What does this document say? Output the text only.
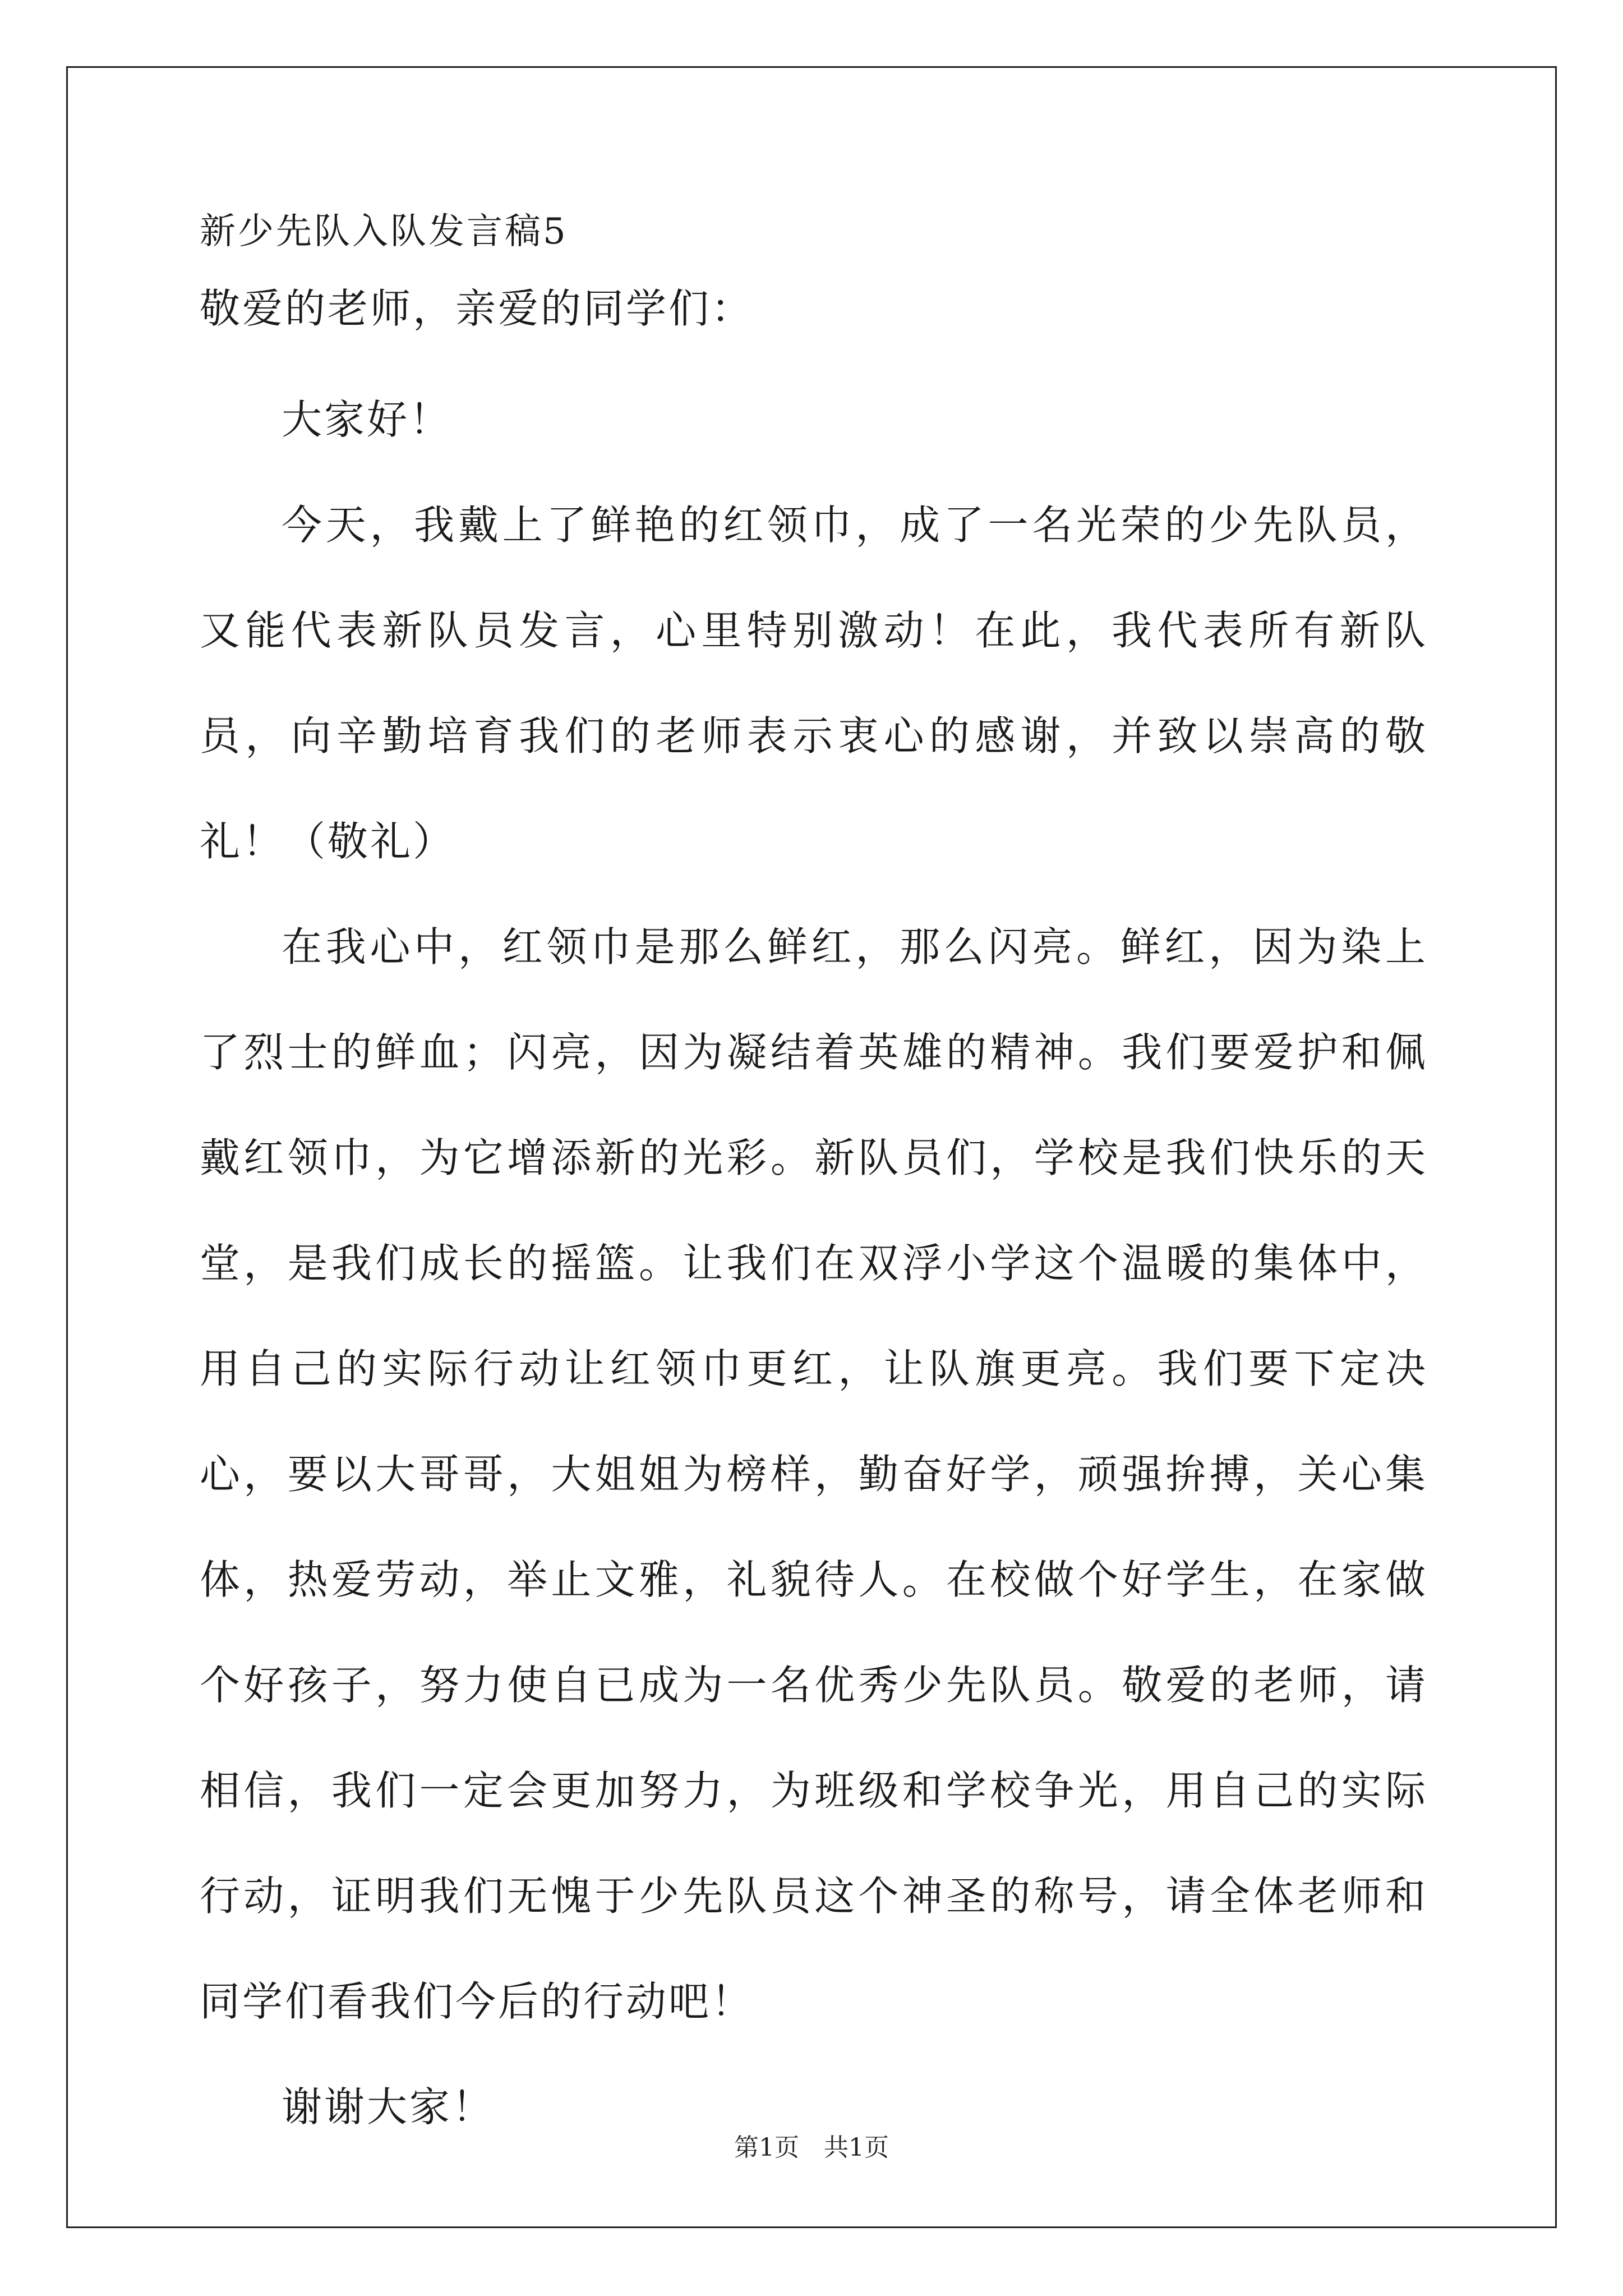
新少先队入队发言稿5

敬爱的老师，亲爱的同学们：

大家好！

今天，我戴上了鲜艳的红领巾，成了一名光荣的少先队员，又能代表新队员发言，心里特别激动！在此，我代表所有新队员，向辛勤培育我们的老师表示衷心的感谢，并致以崇高的敬礼！（敬礼）

在我心中，红领巾是那么鲜红，那么闪亮。鲜红，因为染上了烈士的鲜血；闪亮，因为凝结着英雄的精神。我们要爱护和佩戴红领巾，为它增添新的光彩。新队员们，学校是我们快乐的天堂，是我们成长的摇篮。让我们在双浮小学这个温暖的集体中，用自己的实际行动让红领巾更红，让队旗更亮。我们要下定决心，要以大哥哥，大姐姐为榜样，勤奋好学，顽强拚搏，关心集体，热爱劳动，举止文雅，礼貌待人。在校做个好学生，在家做个好孩子，努力使自已成为一名优秀少先队员。敬爱的老师，请相信，我们一定会更加努力，为班级和学校争光，用自己的实际行动，证明我们无愧于少先队员这个神圣的称号，请全体老师和同学们看我们今后的行动吧！

谢谢大家！

第1页　共1页
